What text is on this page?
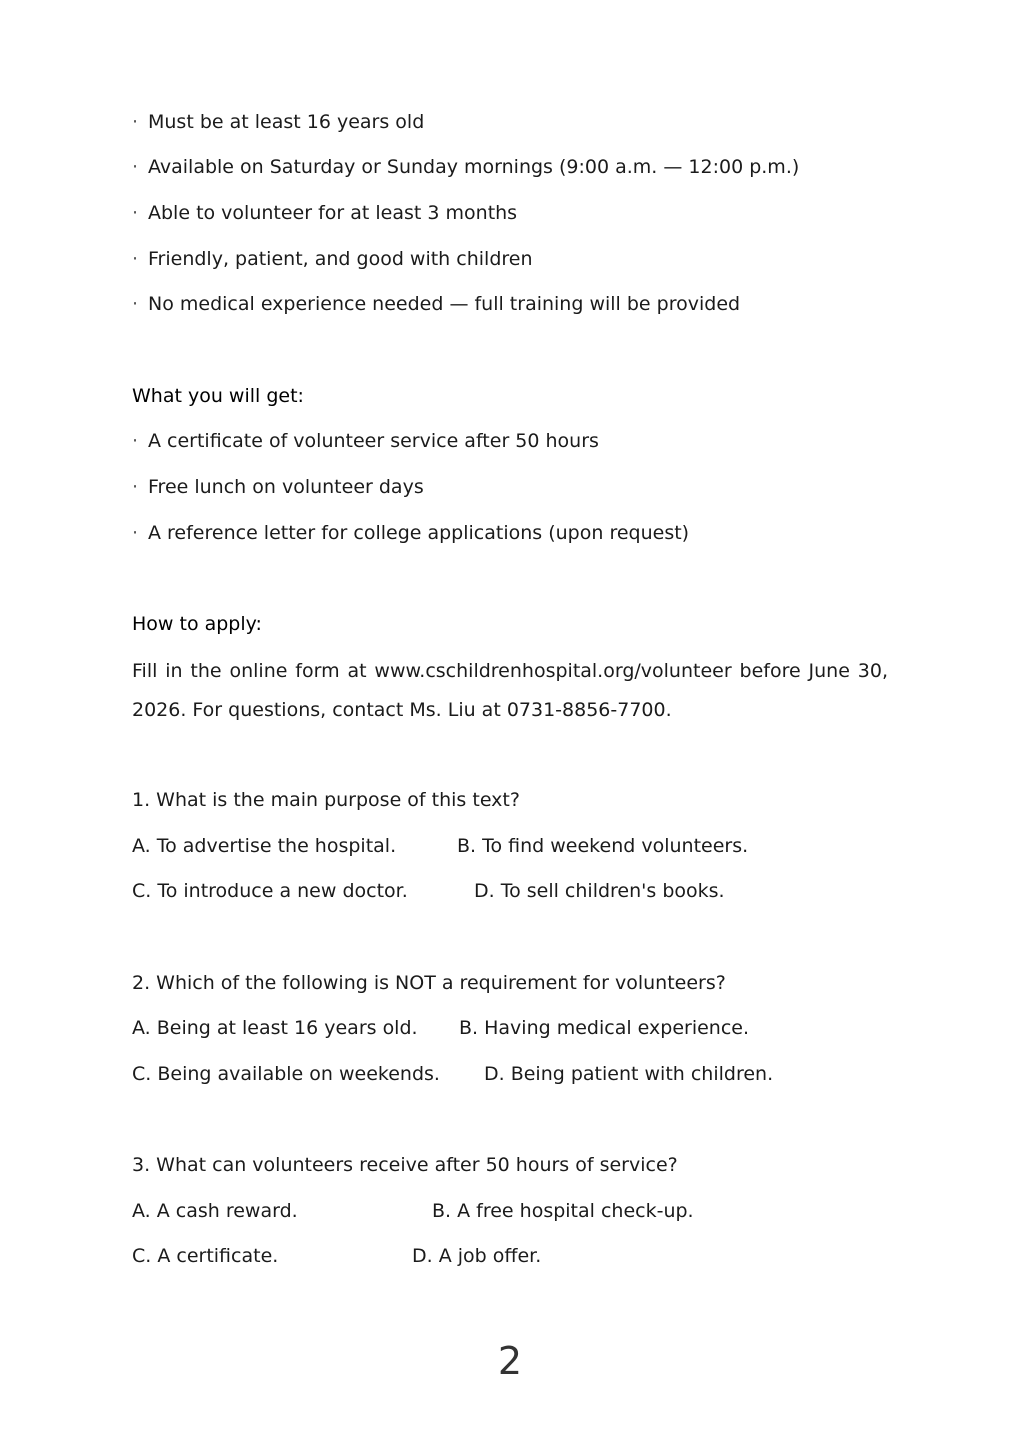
· Must be at least 16 years old
· Available on Saturday or Sunday mornings (9:00 a.m. — 12:00 p.m.)
· Able to volunteer for at least 3 months
· Friendly, patient, and good with children
· No medical experience needed — full training will be provided
What you will get:
· A certificate of volunteer service after 50 hours
· Free lunch on volunteer days
· A reference letter for college applications (upon request)
How to apply:
Fill in the online form at www.cschildrenhospital.org/volunteer before June 30, 2026. For questions, contact Ms. Liu at 0731-8856-7700.
1. What is the main purpose of this text?
A. To advertise the hospital.	B. To find weekend volunteers.
C. To introduce a new doctor.	D. To sell children's books.
2. Which of the following is NOT a requirement for volunteers?
A. Being at least 16 years old. B. Having medical experience.
C. Being available on weekends. D. Being patient with children.
3. What can volunteers receive after 50 hours of service?
A. A cash reward.	B. A free hospital check-up.
C. A certificate.	D. A job offer.
2
